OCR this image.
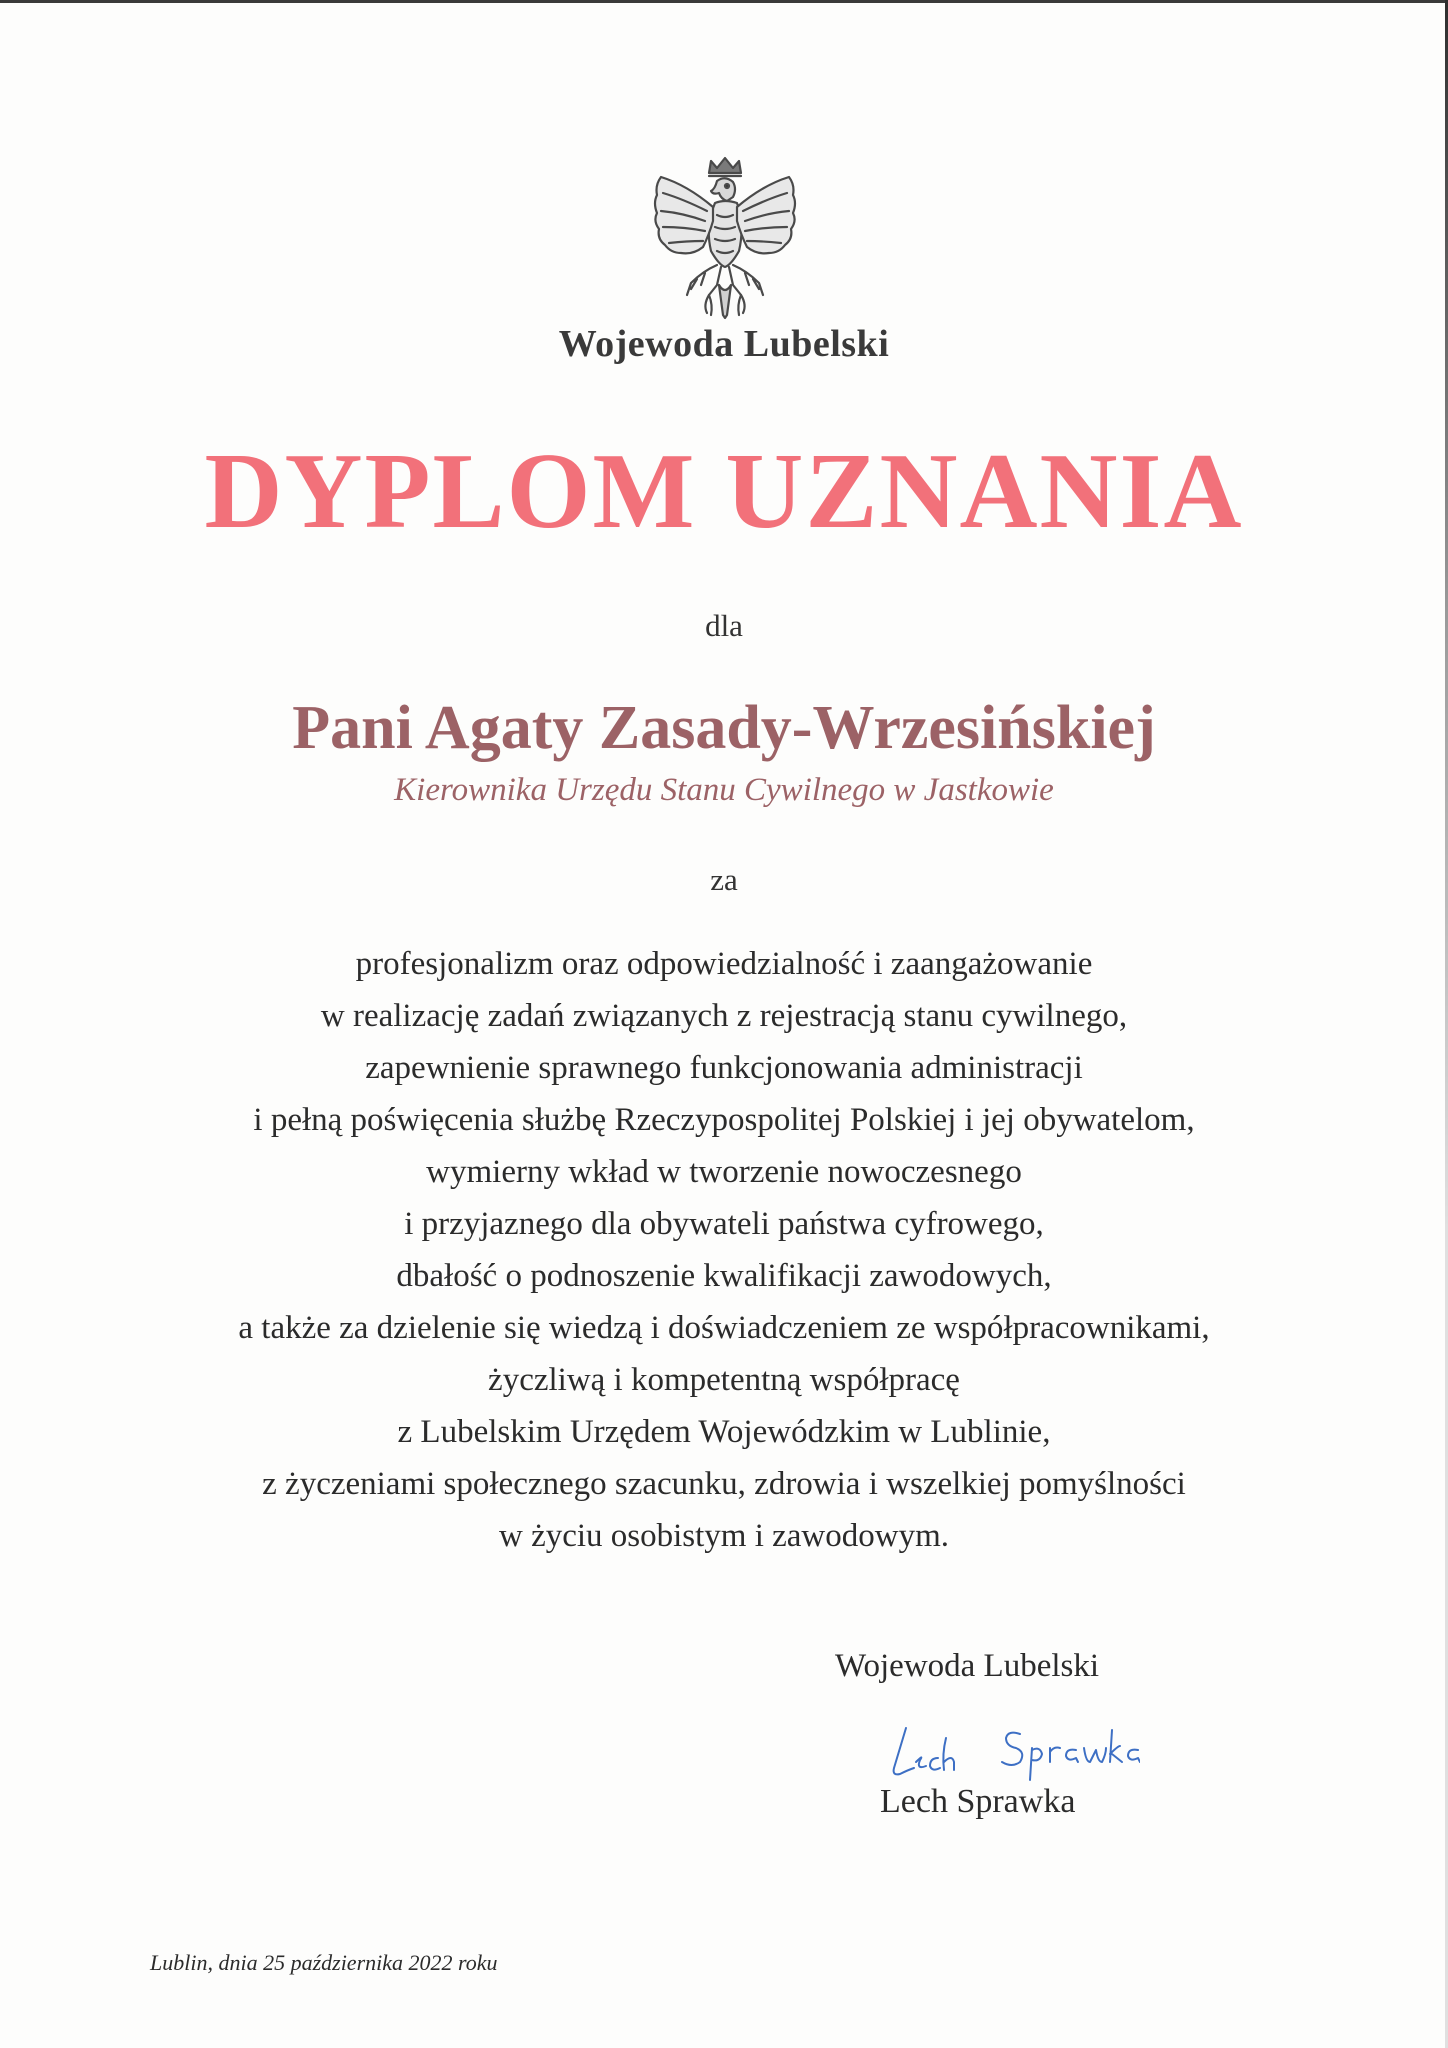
Wojewoda Lubelski
DYPLOM UZNANIA
dla
Pani Agaty Zasady-Wrzesińskiej
Kierownika Urzędu Stanu Cywilnego w Jastkowie
za
profesjonalizm oraz odpowiedzialność i zaangażowanie
w realizację zadań związanych z rejestracją stanu cywilnego,
zapewnienie sprawnego funkcjonowania administracji
i pełną poświęcenia służbę Rzeczypospolitej Polskiej i jej obywatelom,
wymierny wkład w tworzenie nowoczesnego
i przyjaznego dla obywateli państwa cyfrowego,
dbałość o podnoszenie kwalifikacji zawodowych,
a także za dzielenie się wiedzą i doświadczeniem ze współpracownikami,
życzliwą i kompetentną współpracę
z Lubelskim Urzędem Wojewódzkim w Lublinie,
z życzeniami społecznego szacunku, zdrowia i wszelkiej pomyślności
w życiu osobistym i zawodowym.
Wojewoda Lubelski
Lech Sprawka
Lublin, dnia 25 października 2022 roku
